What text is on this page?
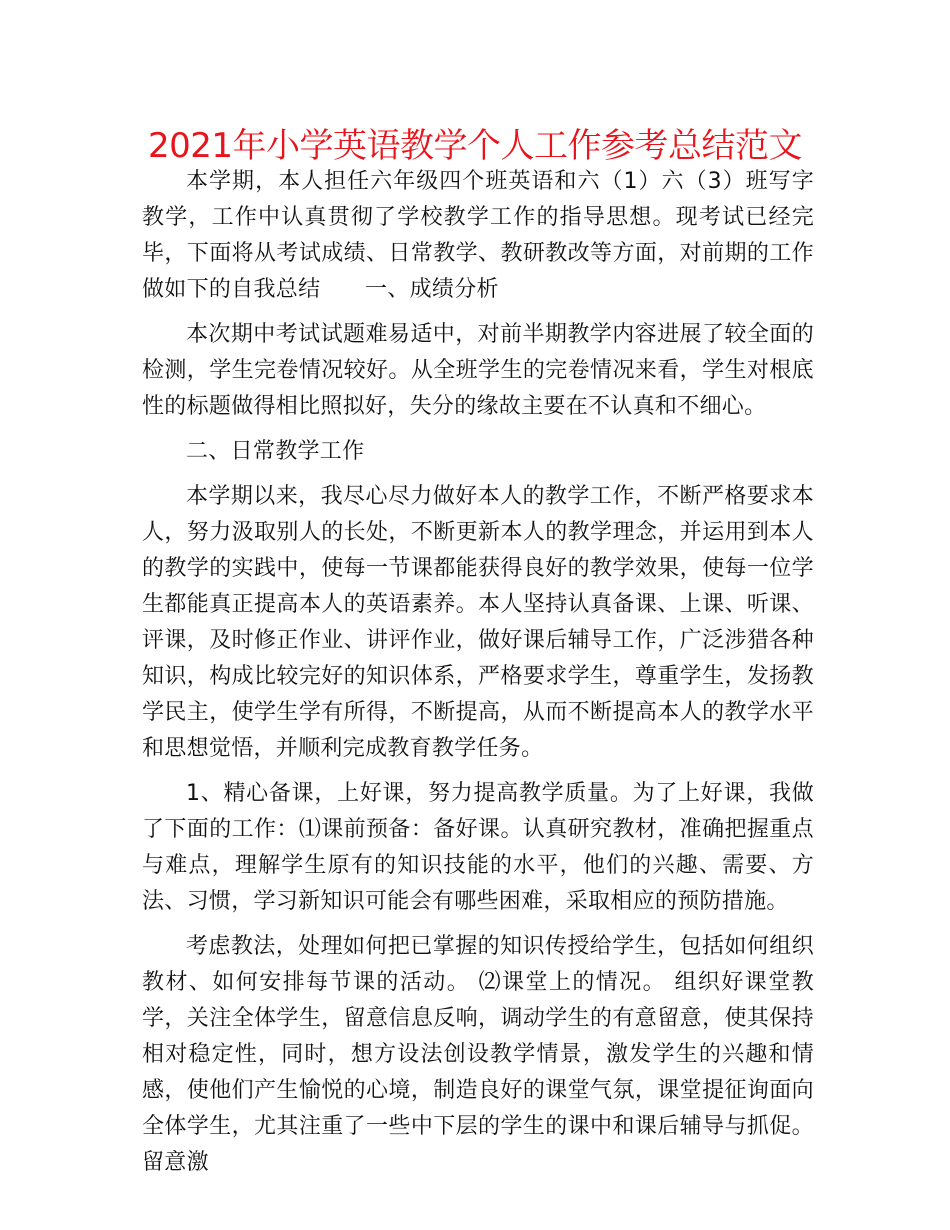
2021年小学英语教学个人工作参考总结范文

本学期，本人担任六年级四个班英语和六（1）六（3）班写字教学，工作中认真贯彻了学校教学工作的指导思想。现考试已经完毕，下面将从考试成绩、日常教学、教研教改等方面，对前期的工作做如下的自我总结　　一、成绩分析

本次期中考试试题难易适中，对前半期教学内容进展了较全面的检测，学生完卷情况较好。从全班学生的完卷情况来看，学生对根底性的标题做得相比照拟好，失分的缘故主要在不认真和不细心。

二、日常教学工作

本学期以来，我尽心尽力做好本人的教学工作，不断严格要求本人，努力汲取别人的长处，不断更新本人的教学理念，并运用到本人的教学的实践中，使每一节课都能获得良好的教学效果，使每一位学生都能真正提高本人的英语素养。本人坚持认真备课、上课、听课、评课，及时修正作业、讲评作业，做好课后辅导工作，广泛涉猎各种知识，构成比较完好的知识体系，严格要求学生，尊重学生，发扬教学民主，使学生学有所得，不断提高，从而不断提高本人的教学水平和思想觉悟，并顺利完成教育教学任务。

1、精心备课，上好课，努力提高教学质量。为了上好课，我做了下面的工作：⑴课前预备：备好课。认真研究教材，准确把握重点与难点，理解学生原有的知识技能的水平，他们的兴趣、需要、方法、习惯，学习新知识可能会有哪些困难，采取相应的预防措施。

考虑教法，处理如何把已掌握的知识传授给学生，包括如何组织教材、如何安排每节课的活动。 ⑵课堂上的情况。 组织好课堂教学，关注全体学生，留意信息反响，调动学生的有意留意，使其保持相对稳定性，同时，想方设法创设教学情景，激发学生的兴趣和情感，使他们产生愉悦的心境，制造良好的课堂气氛，课堂提征询面向全体学生，尤其注重了一些中下层的学生的课中和课后辅导与抓促。留意激
